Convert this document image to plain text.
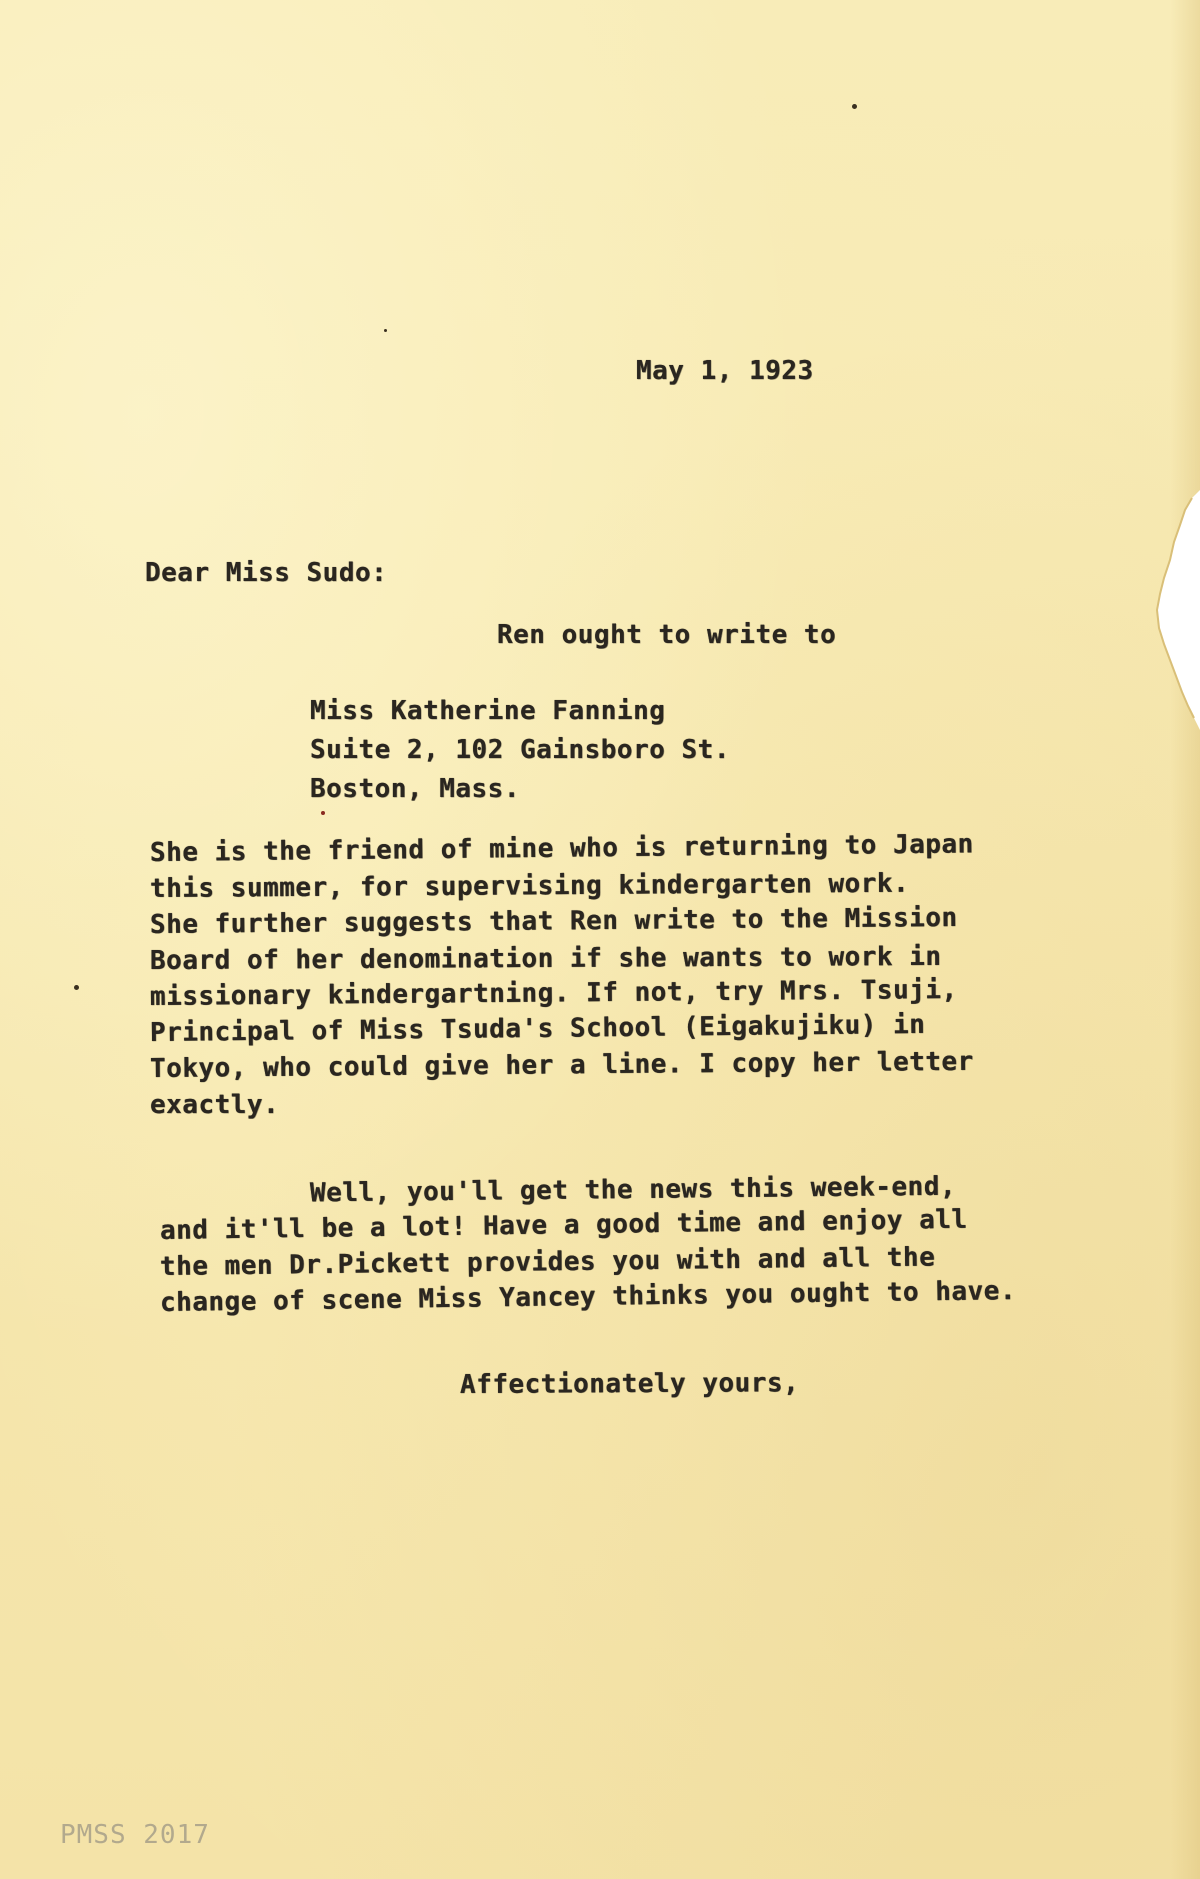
May 1, 1923
Dear Miss Sudo:
Ren ought to write to
Miss Katherine Fanning
Suite 2, 102 Gainsboro St.
Boston, Mass.
She is the friend of mine who is returning to Japan
this summer, for supervising kindergarten work.
She further suggests that Ren write to the Mission
Board of her denomination if she wants to work in
missionary kindergartning. If not, try Mrs. Tsuji,
Principal of Miss Tsuda's School (Eigakujiku) in
Tokyo, who could give her a line. I copy her letter
exactly.
Well, you'll get the news this week-end,
and it'll be a lot! Have a good time and enjoy all
the men Dr.Pickett provides you with and all the
change of scene Miss Yancey thinks you ought to have.
Affectionately yours,
PMSS 2017
